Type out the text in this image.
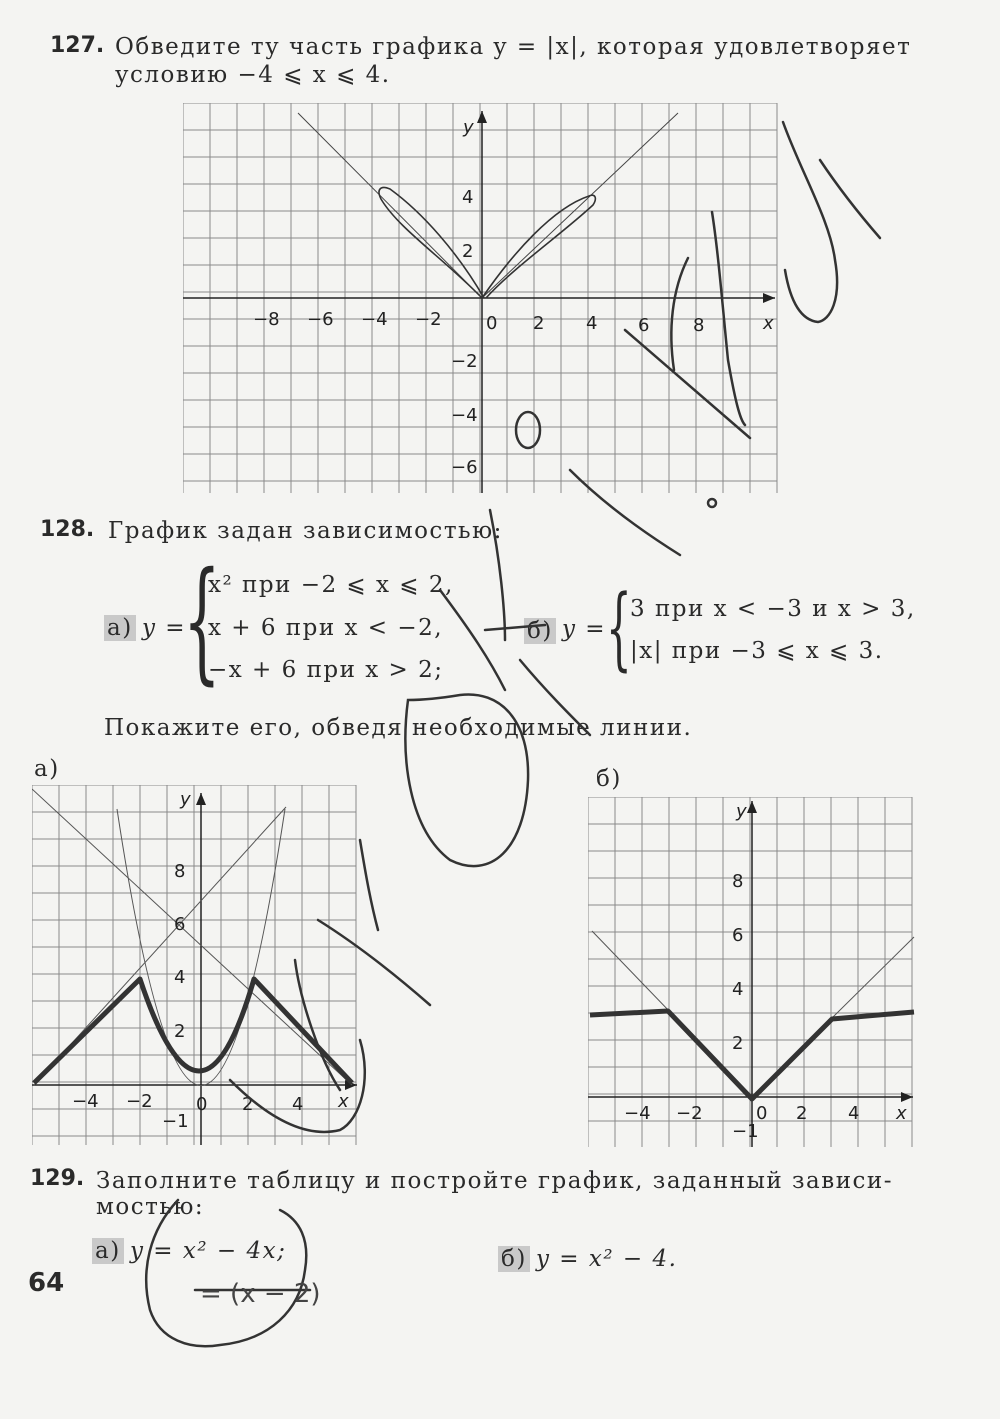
127. Обведите ту часть графика y = |x|, которая удовлетворяет
условию −4 ⩽ x ⩽ 4.
−8 −6 −4 −2 0 2 4 6 8	x
y
4
2
−2
−4
−6
128. График задан зависимостью:
а) y =
{
x² при −2 ⩽ x ⩽ 2,
x + 6 при x < −2,
−x + 6 при x > 2;
б) y = {
3 при x < −3 и x > 3,
|x| при −3 ⩽ x ⩽ 3.
Покажите его, обведя необходимые линии.
а)	б)
−4 −2 0 2 4 x
y
8
6
4
2
−1	−4 −2	0 2 4 x
y
8
6
4
2
−1
129. Заполните таблицу и постройте график, заданный зависи-
мостью:
а) y = x² − 4x;	б) y = x² − 4.
64	= (x − 2)
